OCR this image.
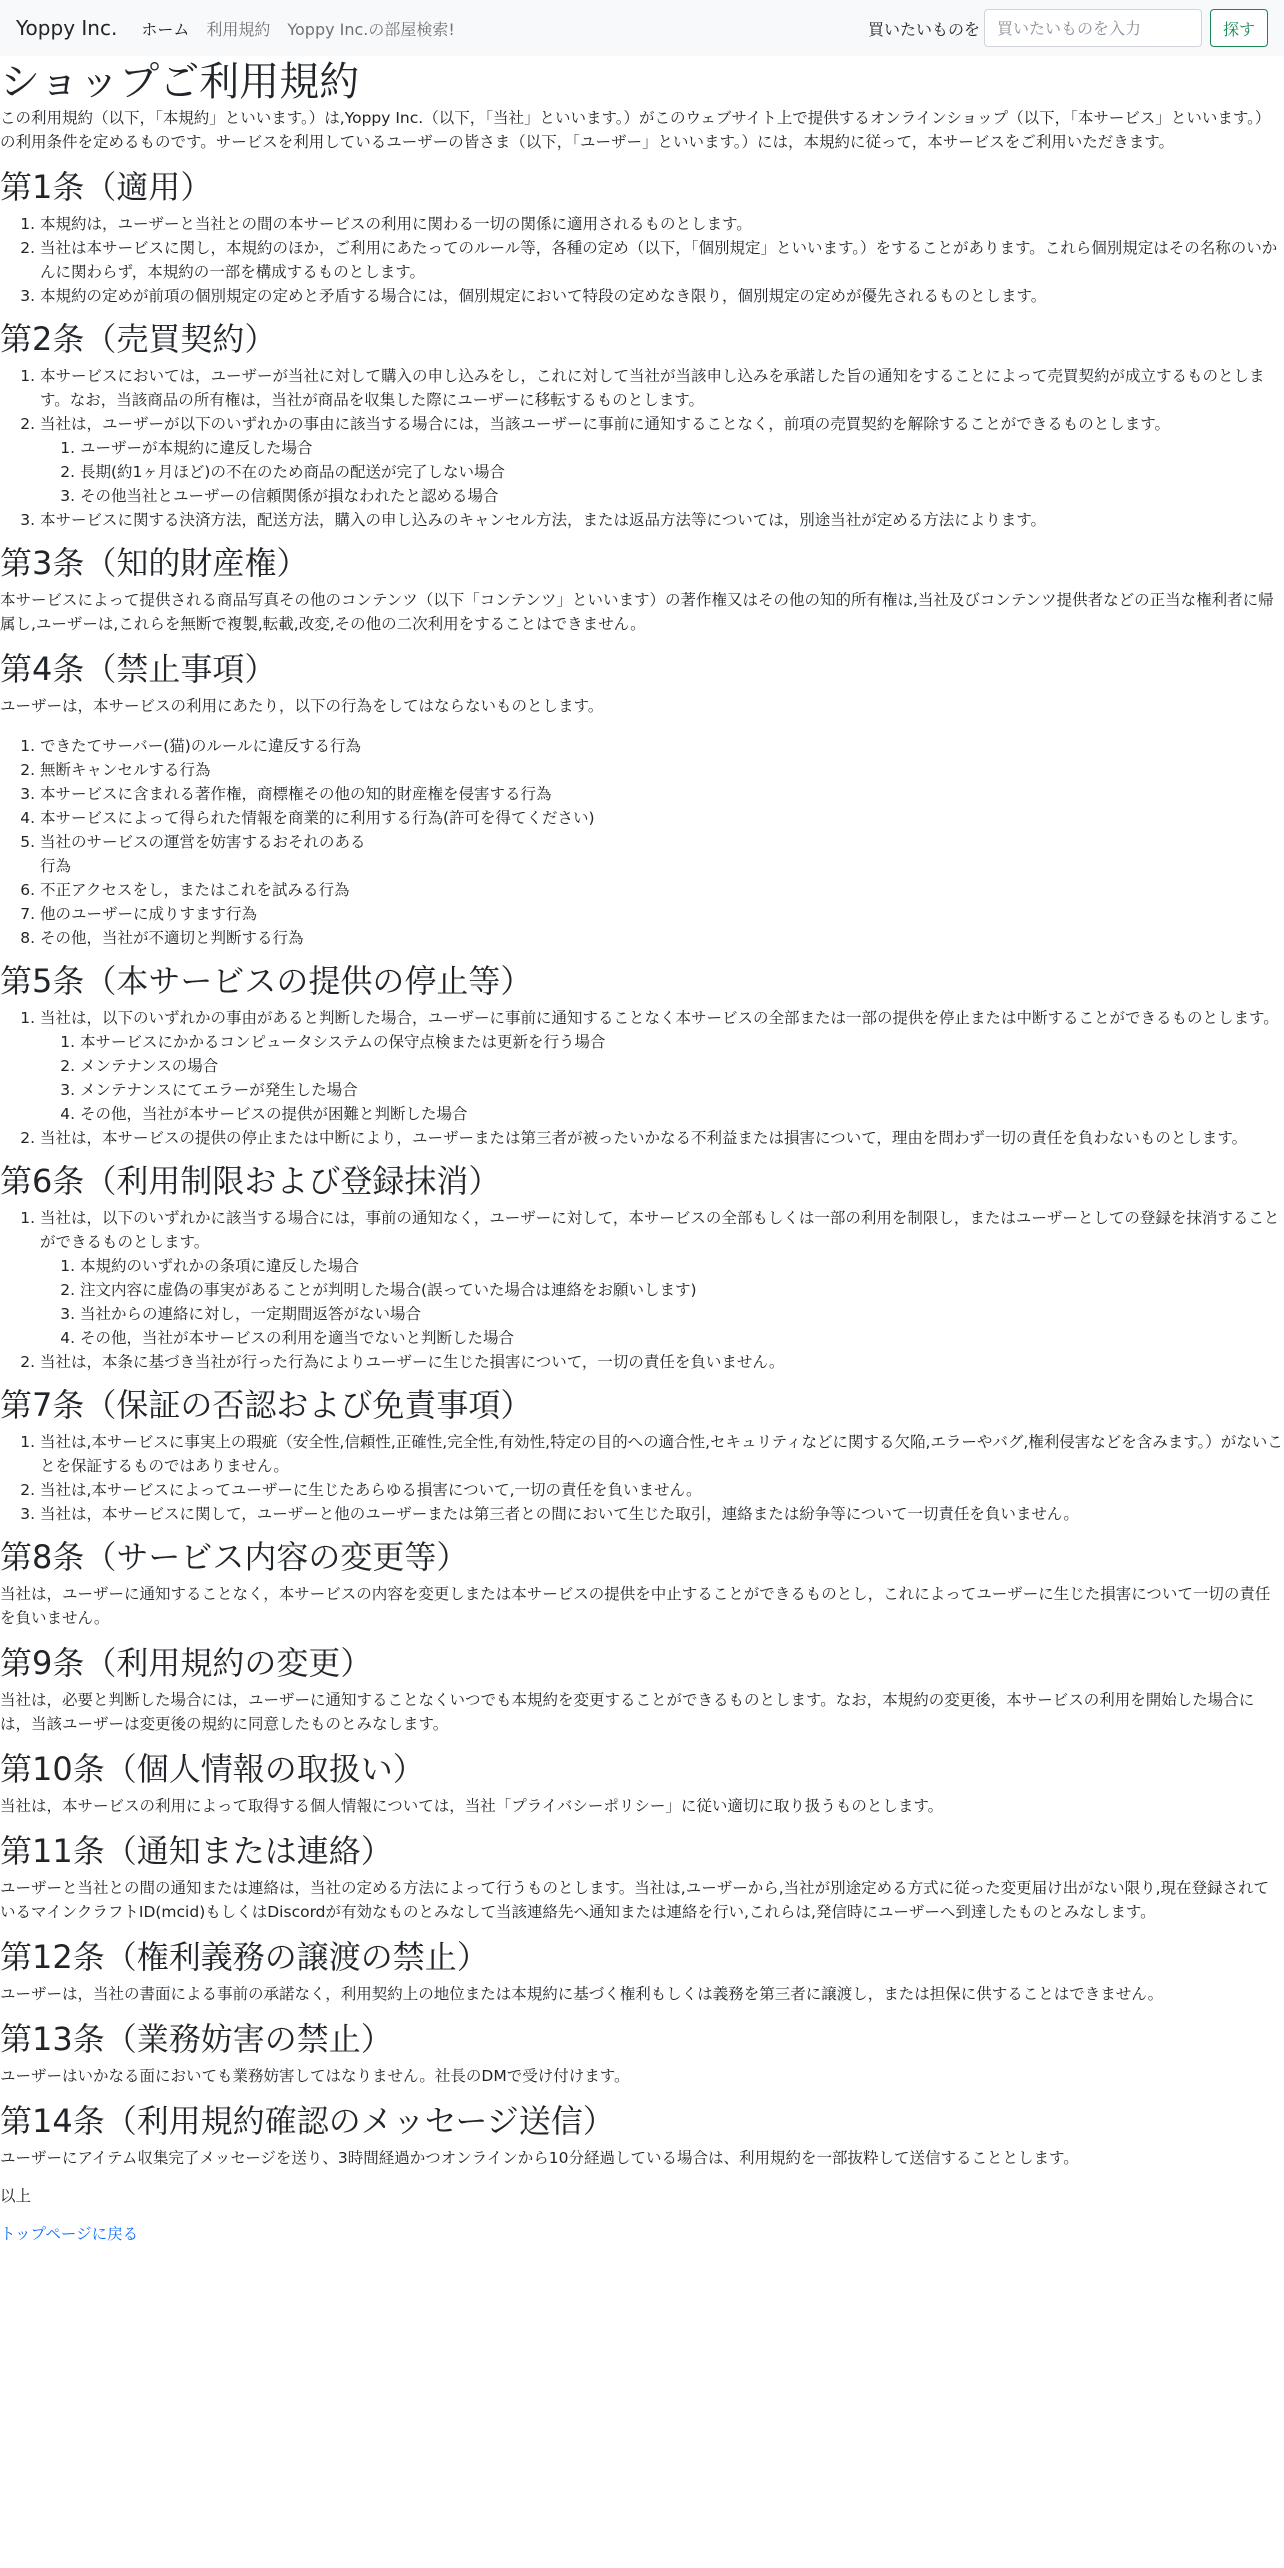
Yoppy Inc. ホーム 利用規約 Yoppy Inc.の部屋検索!	買いたいものを
買いたいものを入力	探す
ショップご利用規約

この利用規約（以下，「本規約」といいます。）は,Yoppy Inc.（以下，「当社」といいます。）がこのウェブサイト上で提供するオンラインショップ（以下，「本サービス」といいます。）の利用条件を定めるものです。サービスを利用しているユーザーの皆さま（以下，「ユーザー」といいます。）には，本規約に従って，本サービスをご利用いただきます。

第1条（適用）
1. 本規約は，ユーザーと当社との間の本サービスの利用に関わる一切の関係に適用されるものとします。
2. 当社は本サービスに関し，本規約のほか，ご利用にあたってのルール等，各種の定め（以下，「個別規定」といいます。）をすることがあります。これら個別規定はその名称のいかんに関わらず，本規約の一部を構成するものとします。
3. 本規約の定めが前項の個別規定の定めと矛盾する場合には，個別規定において特段の定めなき限り，個別規定の定めが優先されるものとします。
第2条（売買契約）
1. 本サービスにおいては，ユーザーが当社に対して購入の申し込みをし，これに対して当社が当該申し込みを承諾した旨の通知をすることによって売買契約が成立するものとします。なお，当該商品の所有権は，当社が商品を収集した際にユーザーに移転するものとします。
2. 当社は，ユーザーが以下のいずれかの事由に該当する場合には，当該ユーザーに事前に通知することなく，前項の売買契約を解除することができるものとします。
1. ユーザーが本規約に違反した場合
2. 長期(約1ヶ月ほど)の不在のため商品の配送が完了しない場合
3. その他当社とユーザーの信頼関係が損なわれたと認める場合
3. 本サービスに関する決済方法，配送方法，購入の申し込みのキャンセル方法，または返品方法等については，別途当社が定める方法によります。
第3条（知的財産権）

本サービスによって提供される商品写真その他のコンテンツ（以下「コンテンツ」といいます）の著作権又はその他の知的所有権は,当社及びコンテンツ提供者などの正当な権利者に帰属し,ユーザーは,これらを無断で複製,転載,改変,その他の二次利用をすることはできません。

第4条（禁止事項）

ユーザーは，本サービスの利用にあたり，以下の行為をしてはならないものとします。

1. できたてサーバー(猫)のルールに違反する行為
2. 無断キャンセルする行為
3. 本サービスに含まれる著作権，商標権その他の知的財産権を侵害する行為
4. 本サービスによって得られた情報を商業的に利用する行為(許可を得てください)
5. 当社のサービスの運営を妨害するおそれのある
行為
6. 不正アクセスをし，またはこれを試みる行為
7. 他のユーザーに成りすます行為
8. その他，当社が不適切と判断する行為
第5条（本サービスの提供の停止等）
1. 当社は，以下のいずれかの事由があると判断した場合，ユーザーに事前に通知することなく本サービスの全部または一部の提供を停止または中断することができるものとします。
1. 本サービスにかかるコンピュータシステムの保守点検または更新を行う場合
2. メンテナンスの場合
3. メンテナンスにてエラーが発生した場合
4. その他，当社が本サービスの提供が困難と判断した場合
2. 当社は，本サービスの提供の停止または中断により，ユーザーまたは第三者が被ったいかなる不利益または損害について，理由を問わず一切の責任を負わないものとします。
第6条（利用制限および登録抹消）
1. 当社は，以下のいずれかに該当する場合には，事前の通知なく，ユーザーに対して，本サービスの全部もしくは一部の利用を制限し，またはユーザーとしての登録を抹消することができるものとします。
1. 本規約のいずれかの条項に違反した場合
2. 注文内容に虚偽の事実があることが判明した場合(誤っていた場合は連絡をお願いします)
3. 当社からの連絡に対し，一定期間返答がない場合
4. その他，当社が本サービスの利用を適当でないと判断した場合
2. 当社は，本条に基づき当社が行った行為によりユーザーに生じた損害について，一切の責任を負いません。
第7条（保証の否認および免責事項）
1. 当社は,本サービスに事実上の瑕疵（安全性,信頼性,正確性,完全性,有効性,特定の目的への適合性,セキュリティなどに関する欠陥,エラーやバグ,権利侵害などを含みます。）がないことを保証するものではありません。
2. 当社は,本サービスによってユーザーに生じたあらゆる損害について,一切の責任を負いません。
3. 当社は，本サービスに関して，ユーザーと他のユーザーまたは第三者との間において生じた取引，連絡または紛争等について一切責任を負いません。
第8条（サービス内容の変更等）

当社は，ユーザーに通知することなく，本サービスの内容を変更しまたは本サービスの提供を中止することができるものとし，これによってユーザーに生じた損害について一切の責任を負いません。

第9条（利用規約の変更）

当社は，必要と判断した場合には，ユーザーに通知することなくいつでも本規約を変更することができるものとします。なお，本規約の変更後，本サービスの利用を開始した場合には，当該ユーザーは変更後の規約に同意したものとみなします。

第10条（個人情報の取扱い）

当社は，本サービスの利用によって取得する個人情報については，当社「プライバシーポリシー」に従い適切に取り扱うものとします。

第11条（通知または連絡）

ユーザーと当社との間の通知または連絡は，当社の定める方法によって行うものとします。当社は,ユーザーから,当社が別途定める方式に従った変更届け出がない限り,現在登録されているマインクラフトID(mcid)もしくはDiscordが有効なものとみなして当該連絡先へ通知または連絡を行い,これらは,発信時にユーザーへ到達したものとみなします。

第12条（権利義務の譲渡の禁止）

ユーザーは，当社の書面による事前の承諾なく，利用契約上の地位または本規約に基づく権利もしくは義務を第三者に譲渡し，または担保に供することはできません。

第13条（業務妨害の禁止）

ユーザーはいかなる面においても業務妨害してはなりません。社長のDMで受け付けます。

第14条（利用規約確認のメッセージ送信）

ユーザーにアイテム収集完了メッセージを送り、3時間経過かつオンラインから10分経過している場合は、利用規約を一部抜粋して送信することとします。

以上

トップページに戻る
